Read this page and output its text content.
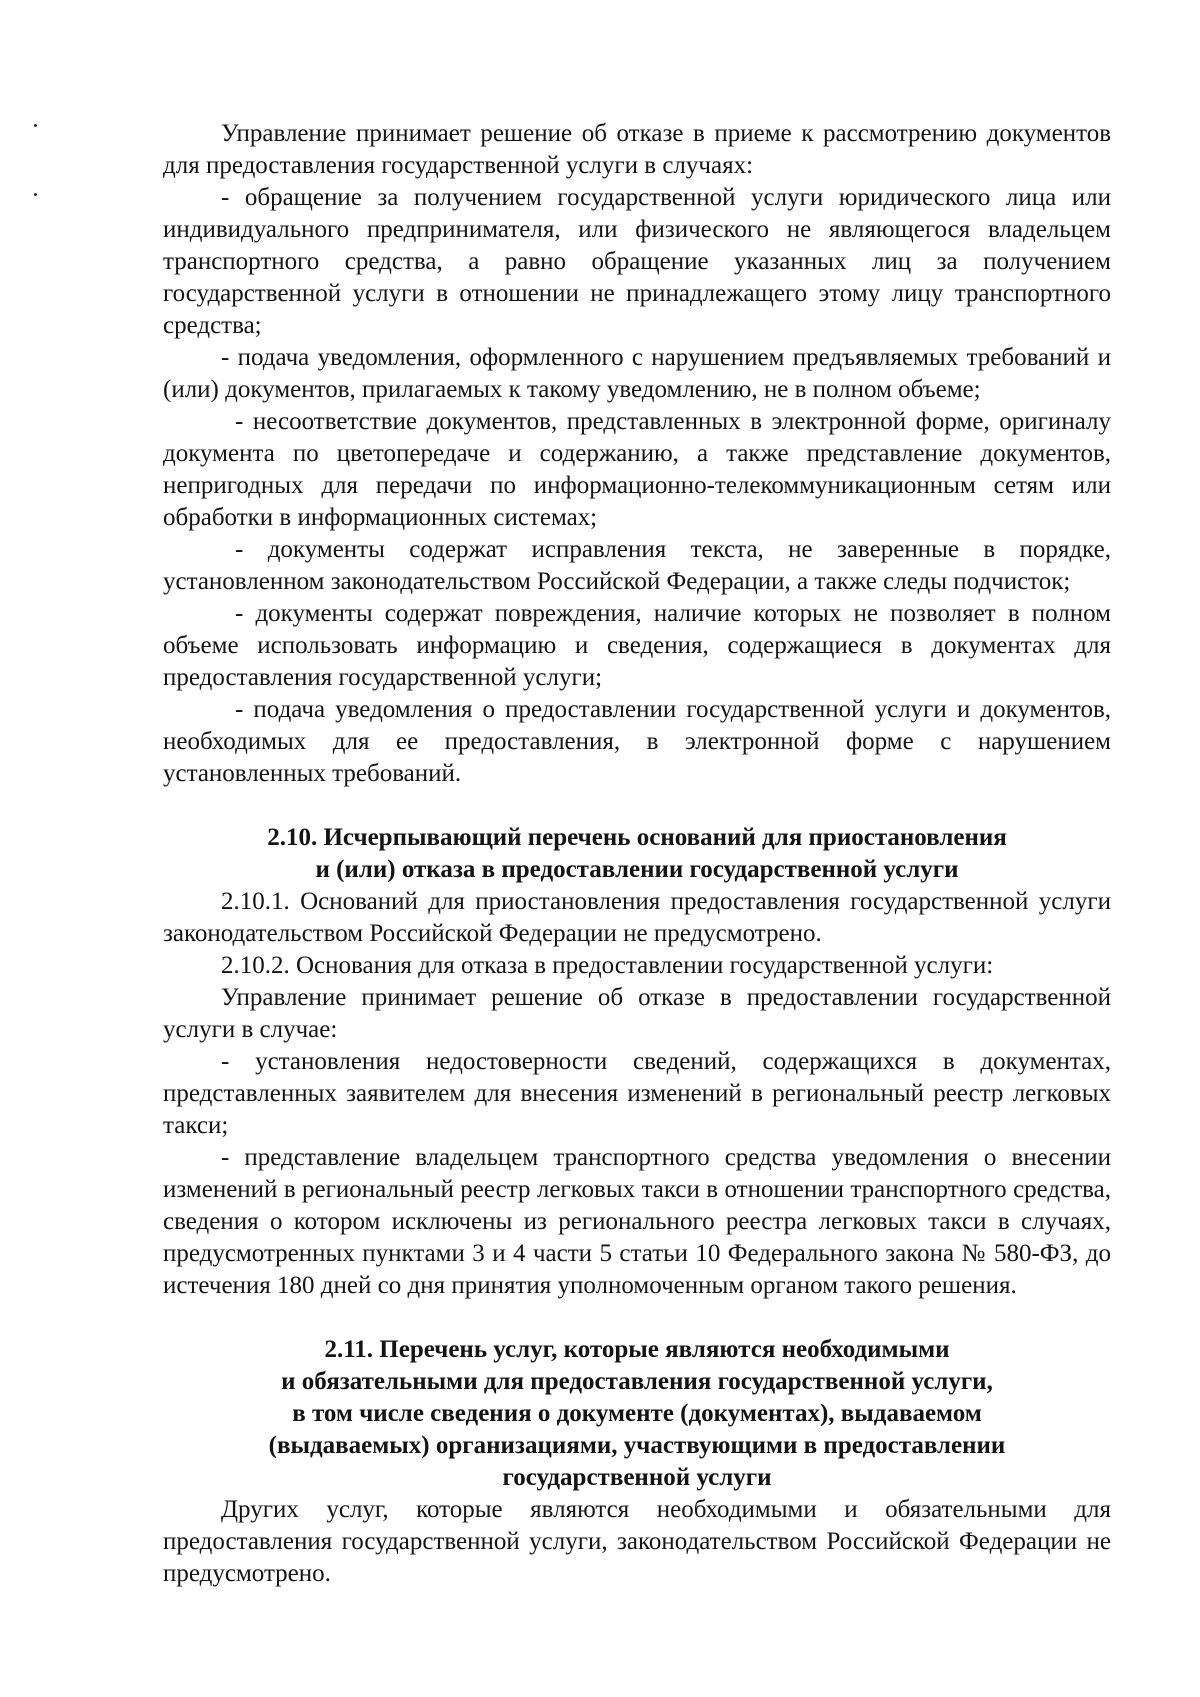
Управление принимает решение об отказе в приеме к рассмотрению документов для предоставления государственной услуги в случаях:

- обращение за получением государственной услуги юридического лица или индивидуального предпринимателя, или физического не являющегося владельцем транспортного средства, а равно обращение указанных лиц за получением государственной услуги в отношении не принадлежащего этому лицу транспортного средства;

- подача уведомления, оформленного с нарушением предъявляемых требований и (или) документов, прилагаемых к такому уведомлению, не в полном объеме;

- несоответствие документов, представленных в электронной форме, оригиналу документа по цветопередаче и содержанию, а также представление документов, непригодных для передачи по информационно-телекоммуникационным сетям или обработки в информационных системах;

- документы содержат исправления текста, не заверенные в порядке, установленном законодательством Российской Федерации, а также следы подчисток;

- документы содержат повреждения, наличие которых не позволяет в полном объеме использовать информацию и сведения, содержащиеся в документах для предоставления государственной услуги;

- подача уведомления о предоставлении государственной услуги и документов, необходимых для ее предоставления, в электронной форме с нарушением установленных требований.

2.10. Исчерпывающий перечень оснований для приостановления
и (или) отказа в предоставлении государственной услуги

2.10.1. Оснований для приостановления предоставления государственной услуги законодательством Российской Федерации не предусмотрено.

2.10.2. Основания для отказа в предоставлении государственной услуги:

Управление принимает решение об отказе в предоставлении государственной услуги в случае:

- установления недостоверности сведений, содержащихся в документах, представленных заявителем для внесения изменений в региональный реестр легковых такси;

- представление владельцем транспортного средства уведомления о внесении изменений в региональный реестр легковых такси в отношении транспортного средства, сведения о котором исключены из регионального реестра легковых такси в случаях, предусмотренных пунктами 3 и 4 части 5 статьи 10 Федерального закона № 580-ФЗ, до истечения 180 дней со дня принятия уполномоченным органом такого решения.

2.11. Перечень услуг, которые являются необходимыми
и обязательными для предоставления государственной услуги,
в том числе сведения о документе (документах), выдаваемом
(выдаваемых) организациями, участвующими в предоставлении
государственной услуги

Других услуг, которые являются необходимыми и обязательными для предоставления государственной услуги, законодательством Российской Федерации не предусмотрено.
